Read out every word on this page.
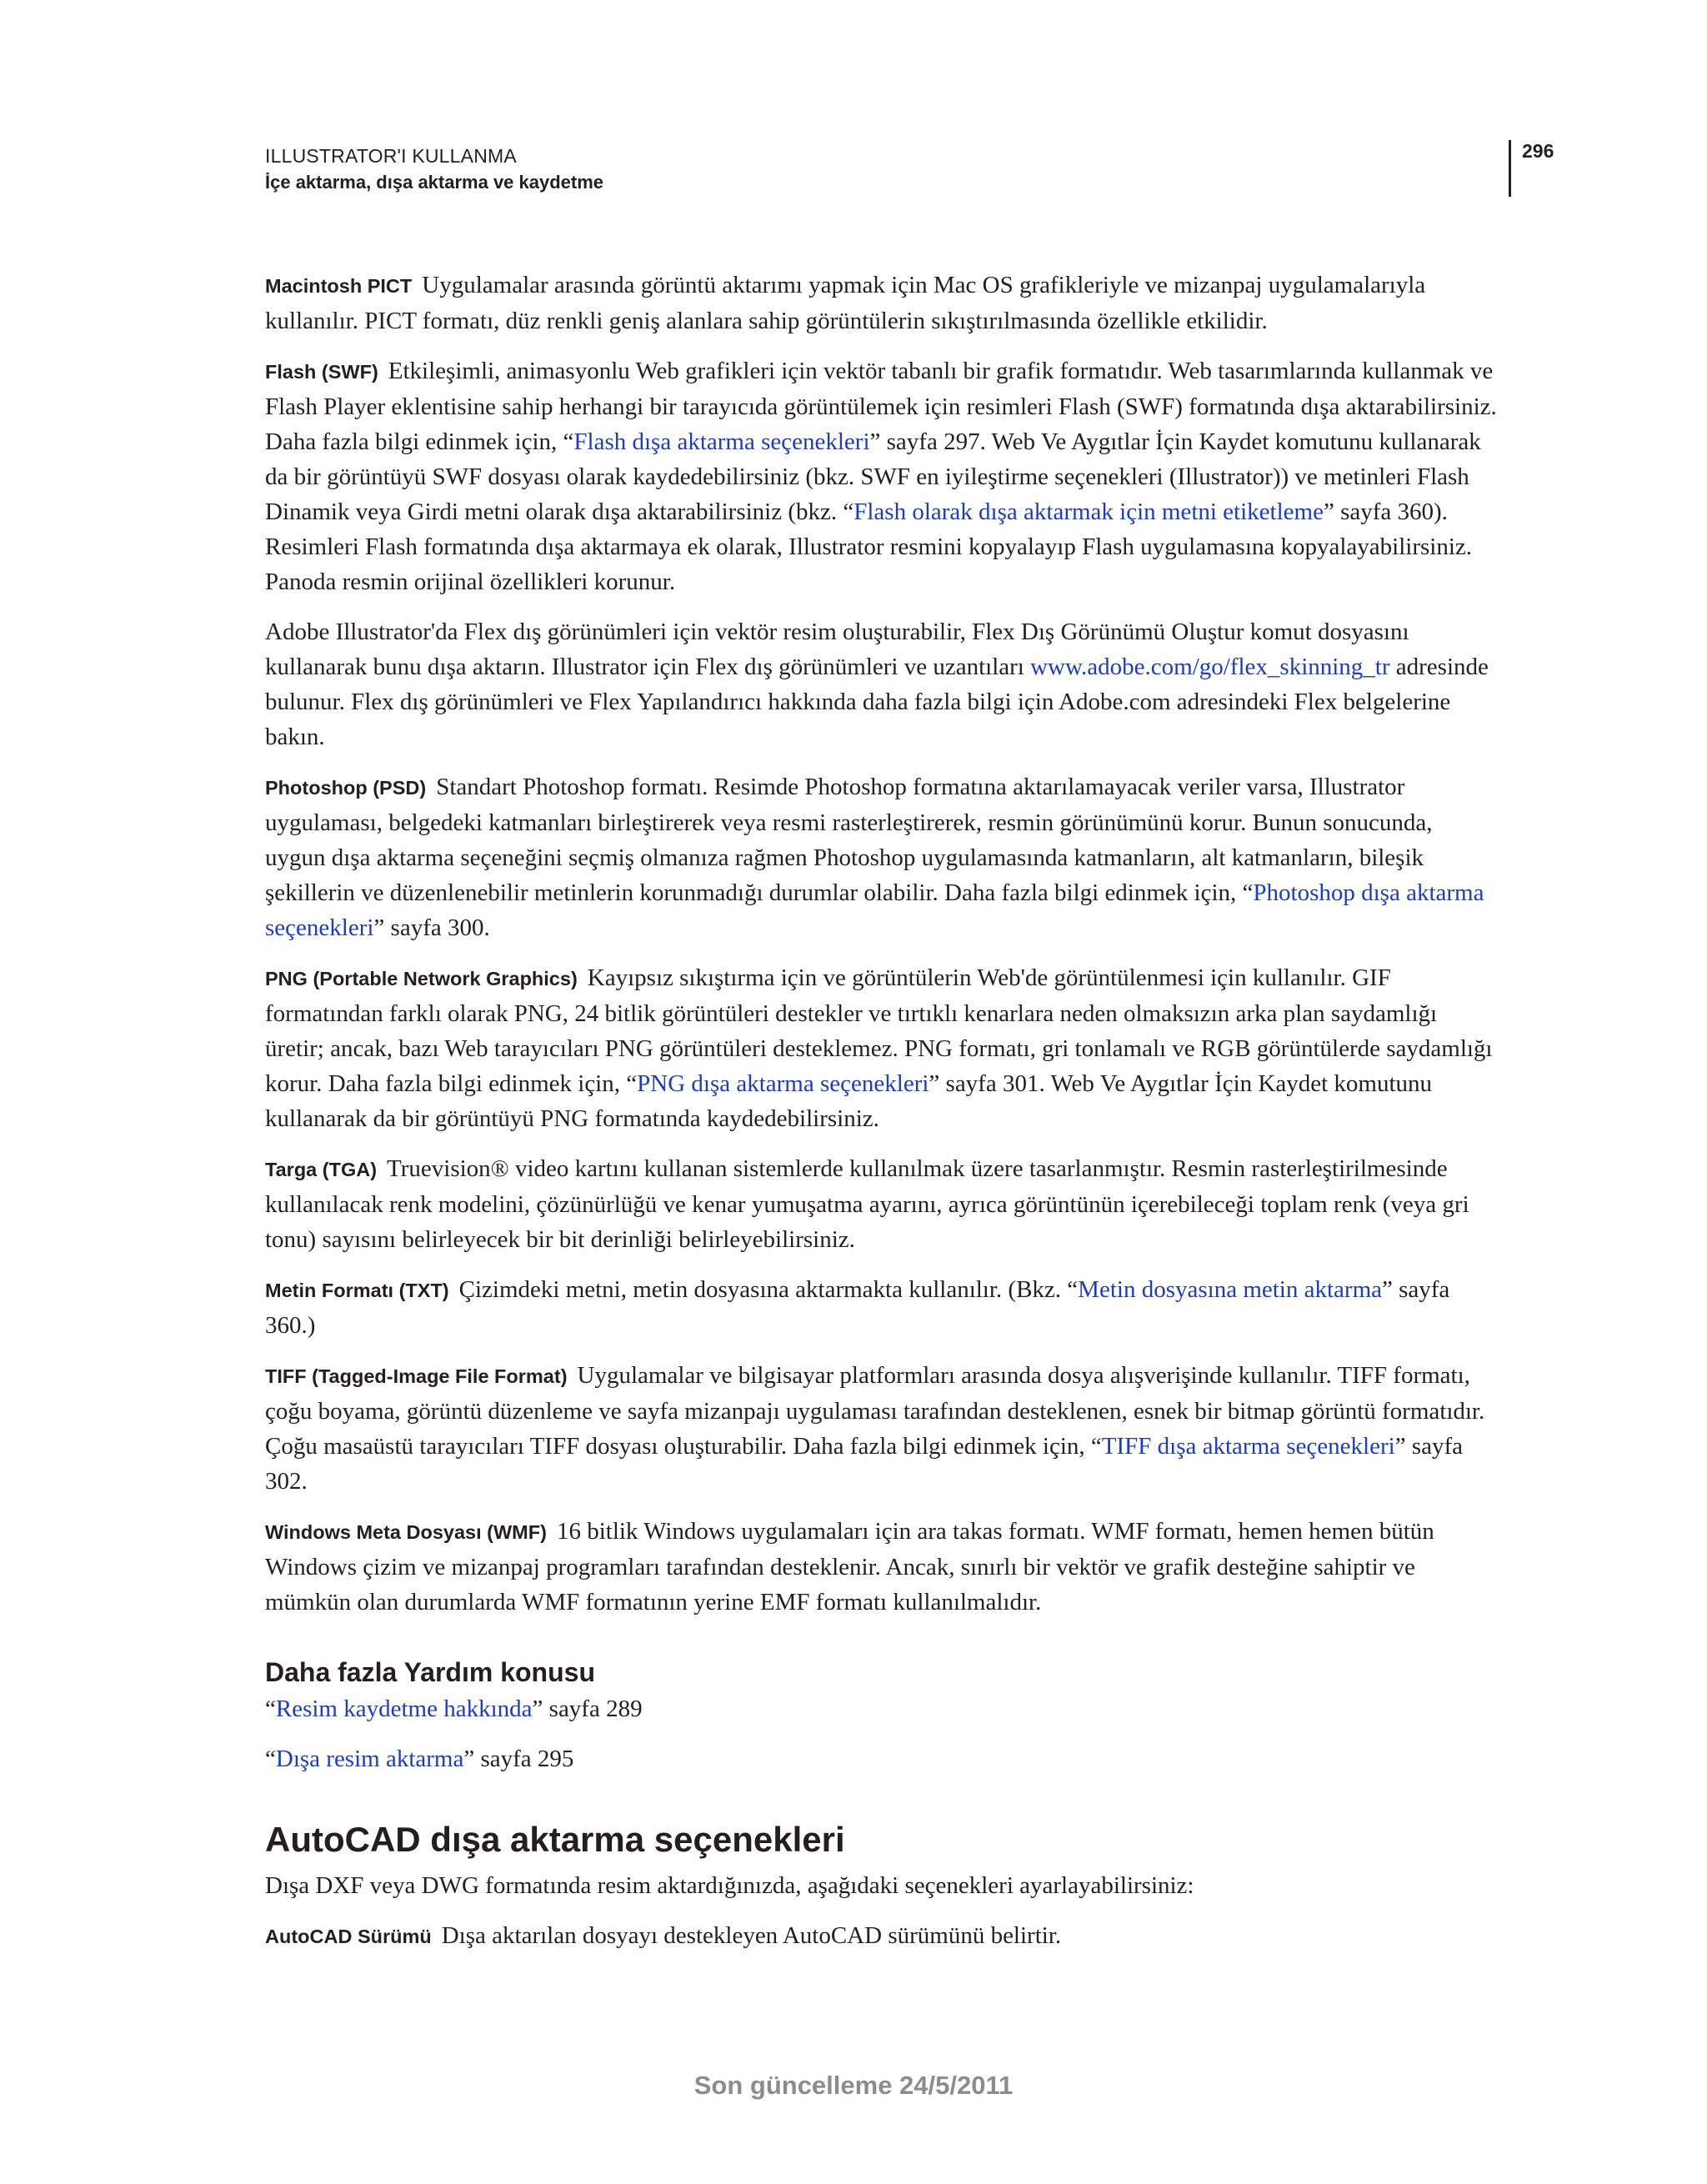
ILLUSTRATOR'I KULLANMA
İçe aktarma, dışa aktarma ve kaydetme
296

Macintosh PICT Uygulamalar arasında görüntü aktarımı yapmak için Mac OS grafikleriyle ve mizanpaj uygulamalarıyla kullanılır. PICT formatı, düz renkli geniş alanlara sahip görüntülerin sıkıştırılmasında özellikle etkilidir.

Flash (SWF) Etkileşimli, animasyonlu Web grafikleri için vektör tabanlı bir grafik formatıdır. Web tasarımlarında kullanmak ve Flash Player eklentisine sahip herhangi bir tarayıcıda görüntülemek için resimleri Flash (SWF) formatında dışa aktarabilirsiniz. Daha fazla bilgi edinmek için, “Flash dışa aktarma seçenekleri” sayfa 297. Web Ve Aygıtlar İçin Kaydet komutunu kullanarak da bir görüntüyü SWF dosyası olarak kaydedebilirsiniz (bkz. SWF en iyileştirme seçenekleri (Illustrator)) ve metinleri Flash Dinamik veya Girdi metni olarak dışa aktarabilirsiniz (bkz. “Flash olarak dışa aktarmak için metni etiketleme” sayfa 360). Resimleri Flash formatında dışa aktarmaya ek olarak, Illustrator resmini kopyalayıp Flash uygulamasına kopyalayabilirsiniz. Panoda resmin orijinal özellikleri korunur.

Adobe Illustrator'da Flex dış görünümleri için vektör resim oluşturabilir, Flex Dış Görünümü Oluştur komut dosyasını kullanarak bunu dışa aktarın. Illustrator için Flex dış görünümleri ve uzantıları www.adobe.com/go/flex_skinning_tr adresinde bulunur. Flex dış görünümleri ve Flex Yapılandırıcı hakkında daha fazla bilgi için Adobe.com adresindeki Flex belgelerine bakın.

Photoshop (PSD) Standart Photoshop formatı. Resimde Photoshop formatına aktarılamayacak veriler varsa, Illustrator uygulaması, belgedeki katmanları birleştirerek veya resmi rasterleştirerek, resmin görünümünü korur. Bunun sonucunda, uygun dışa aktarma seçeneğini seçmiş olmanıza rağmen Photoshop uygulamasında katmanların, alt katmanların, bileşik şekillerin ve düzenlenebilir metinlerin korunmadığı durumlar olabilir. Daha fazla bilgi edinmek için, “Photoshop dışa aktarma seçenekleri” sayfa 300.

PNG (Portable Network Graphics) Kayıpsız sıkıştırma için ve görüntülerin Web'de görüntülenmesi için kullanılır. GIF formatından farklı olarak PNG, 24 bitlik görüntüleri destekler ve tırtıklı kenarlara neden olmaksızın arka plan saydamlığı üretir; ancak, bazı Web tarayıcıları PNG görüntüleri desteklemez. PNG formatı, gri tonlamalı ve RGB görüntülerde saydamlığı korur. Daha fazla bilgi edinmek için, “PNG dışa aktarma seçenekleri” sayfa 301. Web Ve Aygıtlar İçin Kaydet komutunu kullanarak da bir görüntüyü PNG formatında kaydedebilirsiniz.

Targa (TGA) Truevision® video kartını kullanan sistemlerde kullanılmak üzere tasarlanmıştır. Resmin rasterleştirilmesinde kullanılacak renk modelini, çözünürlüğü ve kenar yumuşatma ayarını, ayrıca görüntünün içerebileceği toplam renk (veya gri tonu) sayısını belirleyecek bir bit derinliği belirleyebilirsiniz.

Metin Formatı (TXT) Çizimdeki metni, metin dosyasına aktarmakta kullanılır. (Bkz. “Metin dosyasına metin aktarma” sayfa 360.)

TIFF (Tagged-Image File Format) Uygulamalar ve bilgisayar platformları arasında dosya alışverişinde kullanılır. TIFF formatı, çoğu boyama, görüntü düzenleme ve sayfa mizanpajı uygulaması tarafından desteklenen, esnek bir bitmap görüntü formatıdır. Çoğu masaüstü tarayıcıları TIFF dosyası oluşturabilir. Daha fazla bilgi edinmek için, “TIFF dışa aktarma seçenekleri” sayfa 302.

Windows Meta Dosyası (WMF) 16 bitlik Windows uygulamaları için ara takas formatı. WMF formatı, hemen hemen bütün Windows çizim ve mizanpaj programları tarafından desteklenir. Ancak, sınırlı bir vektör ve grafik desteğine sahiptir ve mümkün olan durumlarda WMF formatının yerine EMF formatı kullanılmalıdır.

Daha fazla Yardım konusu
“Resim kaydetme hakkında” sayfa 289
“Dışa resim aktarma” sayfa 295
AutoCAD dışa aktarma seçenekleri

Dışa DXF veya DWG formatında resim aktardığınızda, aşağıdaki seçenekleri ayarlayabilirsiniz:

AutoCAD Sürümü Dışa aktarılan dosyayı destekleyen AutoCAD sürümünü belirtir.

Son güncelleme 24/5/2011
